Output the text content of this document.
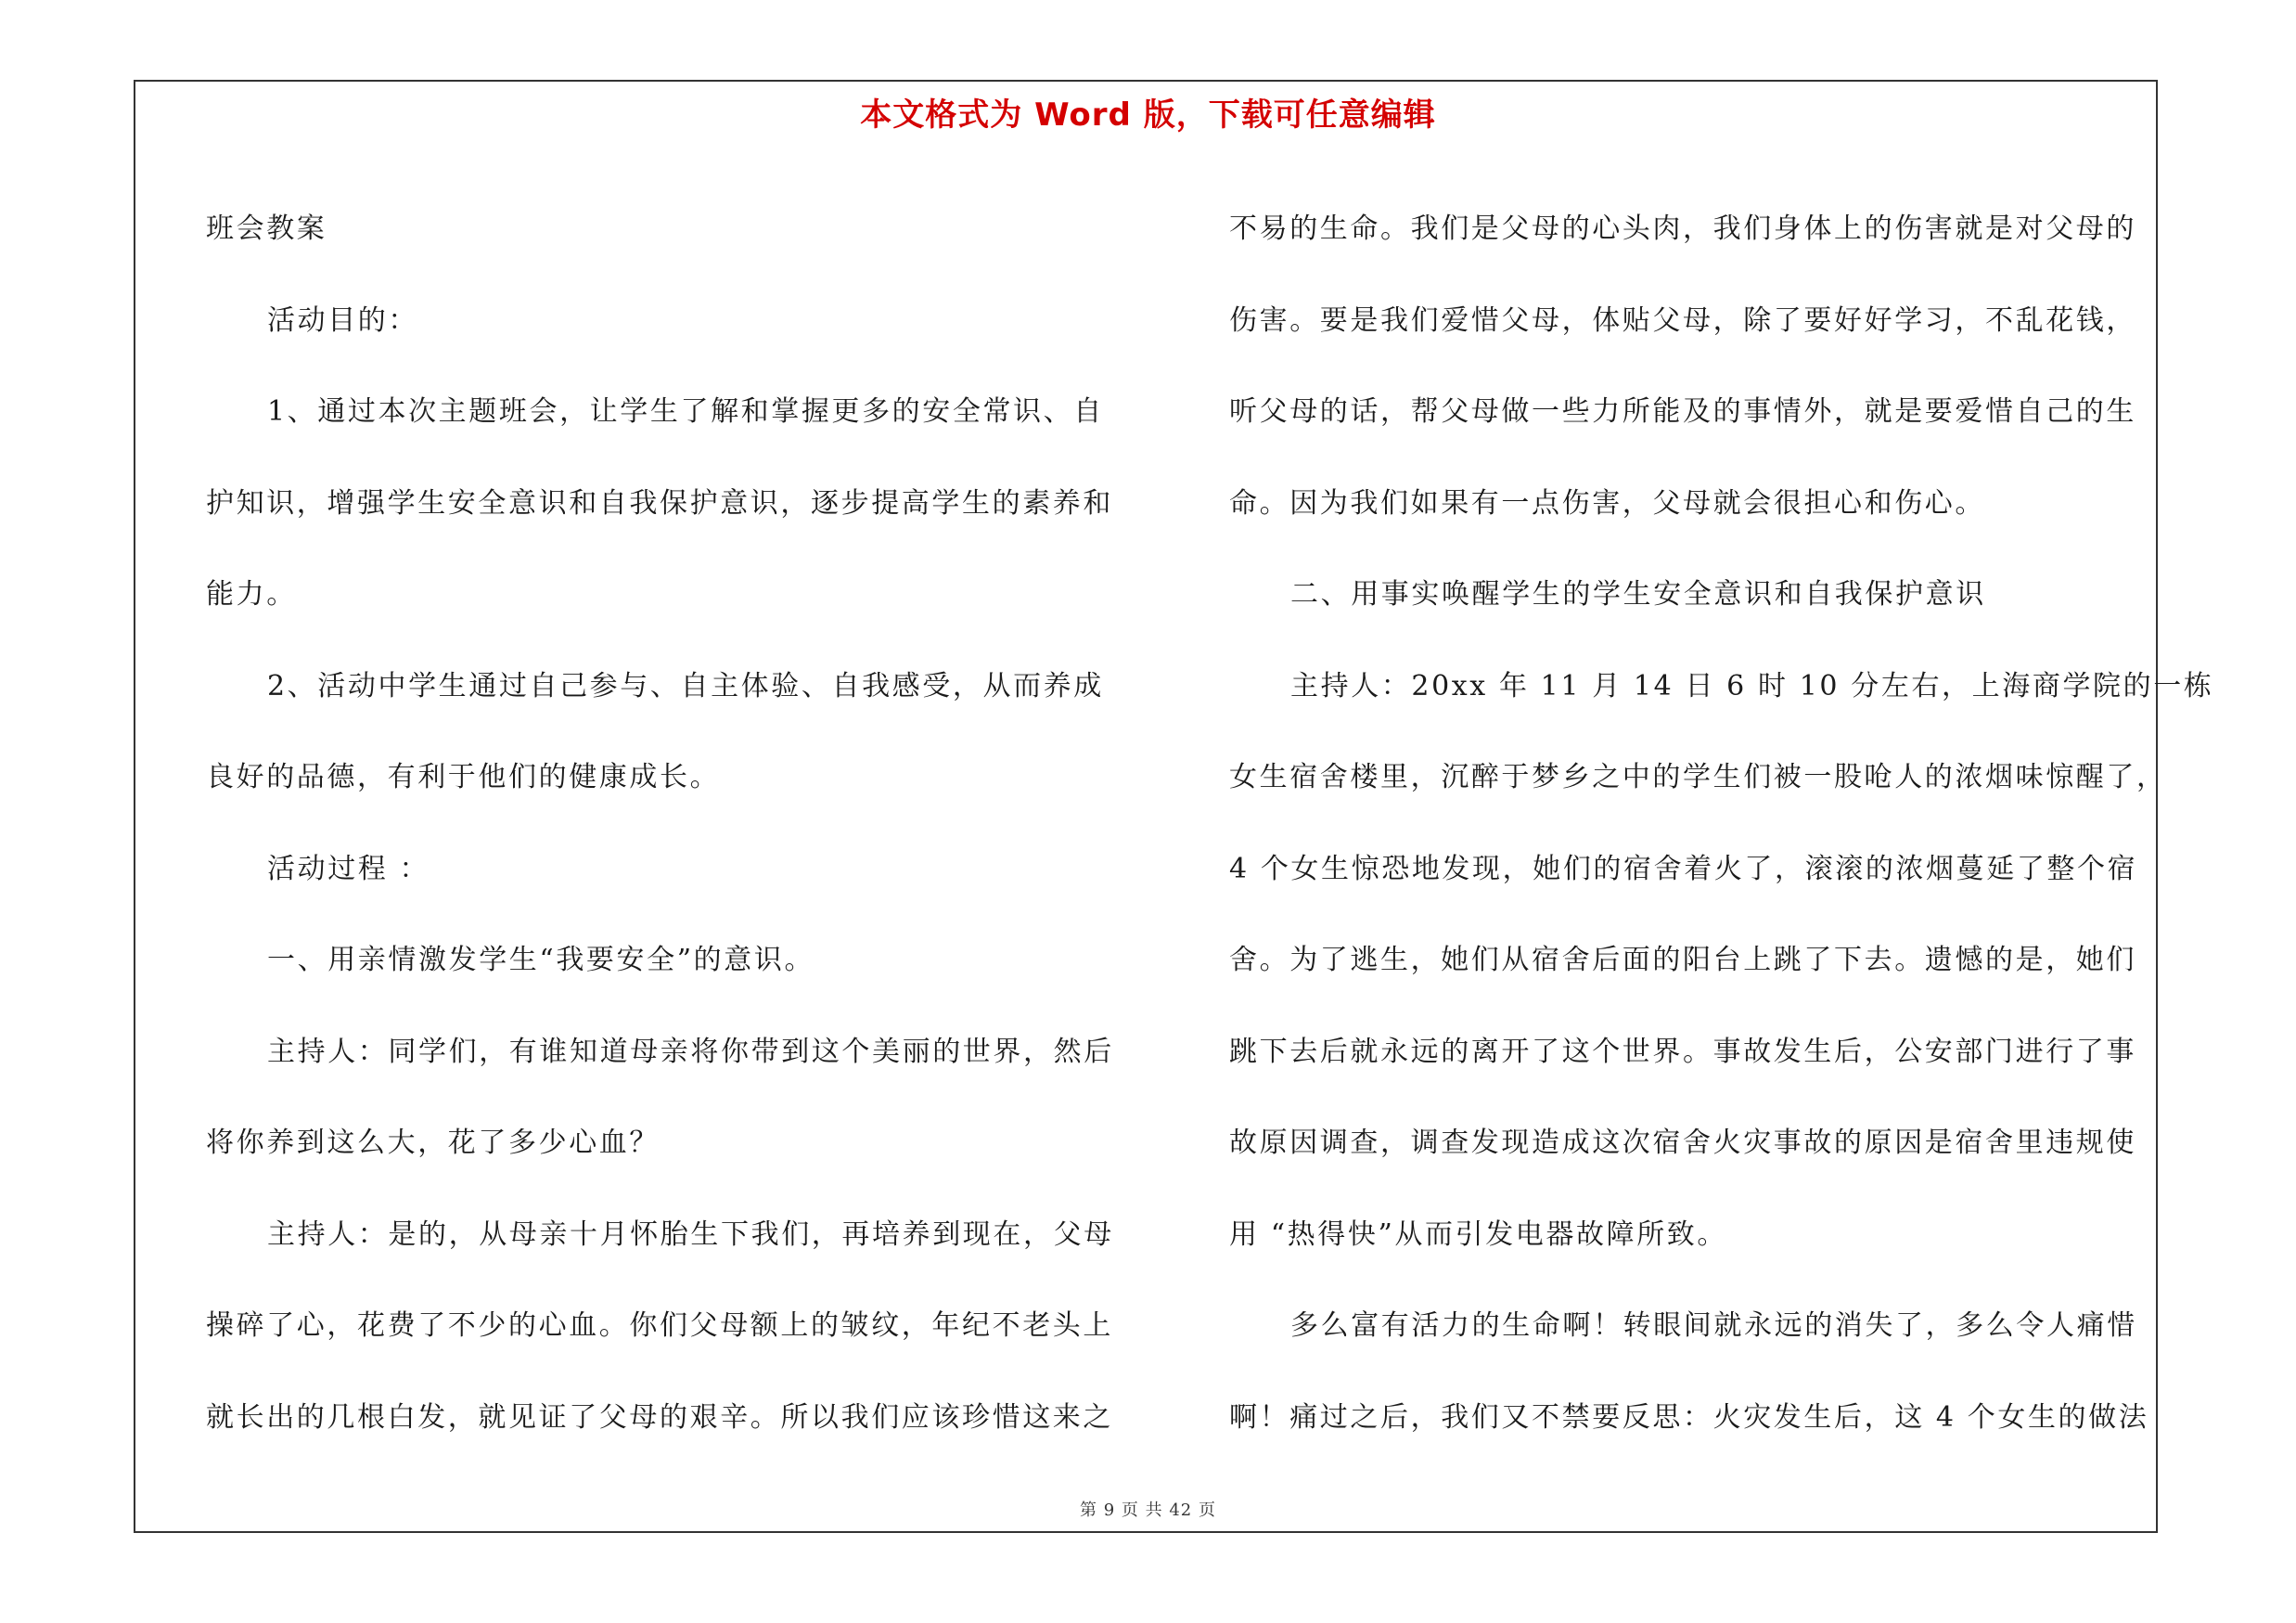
本文格式为 Word 版，下载可任意编辑

班会教案

活动目的：

1、通过本次主题班会，让学生了解和掌握更多的安全常识、自

护知识，增强学生安全意识和自我保护意识，逐步提高学生的素养和

能力。

2、活动中学生通过自己参与、自主体验、自我感受，从而养成

良好的品德，有利于他们的健康成长。

活动过程 ：

一、用亲情激发学生“我要安全”的意识。

主持人：同学们，有谁知道母亲将你带到这个美丽的世界，然后

将你养到这么大，花了多少心血？

主持人：是的，从母亲十月怀胎生下我们，再培养到现在，父母

操碎了心，花费了不少的心血。你们父母额上的皱纹，年纪不老头上

就长出的几根白发，就见证了父母的艰辛。所以我们应该珍惜这来之

不易的生命。我们是父母的心头肉，我们身体上的伤害就是对父母的

伤害。要是我们爱惜父母，体贴父母，除了要好好学习，不乱花钱，

听父母的话，帮父母做一些力所能及的事情外，就是要爱惜自己的生

命。因为我们如果有一点伤害，父母就会很担心和伤心。

二、用事实唤醒学生的学生安全意识和自我保护意识

主持人：20xx 年 11 月 14 日 6 时 10 分左右，上海商学院的一栋

女生宿舍楼里，沉醉于梦乡之中的学生们被一股呛人的浓烟味惊醒了，

4 个女生惊恐地发现，她们的宿舍着火了，滚滚的浓烟蔓延了整个宿

舍。为了逃生，她们从宿舍后面的阳台上跳了下去。遗憾的是，她们

跳下去后就永远的离开了这个世界。事故发生后，公安部门进行了事

故原因调查，调查发现造成这次宿舍火灾事故的原因是宿舍里违规使

用 “热得快”从而引发电器故障所致。

多么富有活力的生命啊！转眼间就永远的消失了，多么令人痛惜

啊！痛过之后，我们又不禁要反思：火灾发生后，这 4 个女生的做法

第 9 页 共 42 页
